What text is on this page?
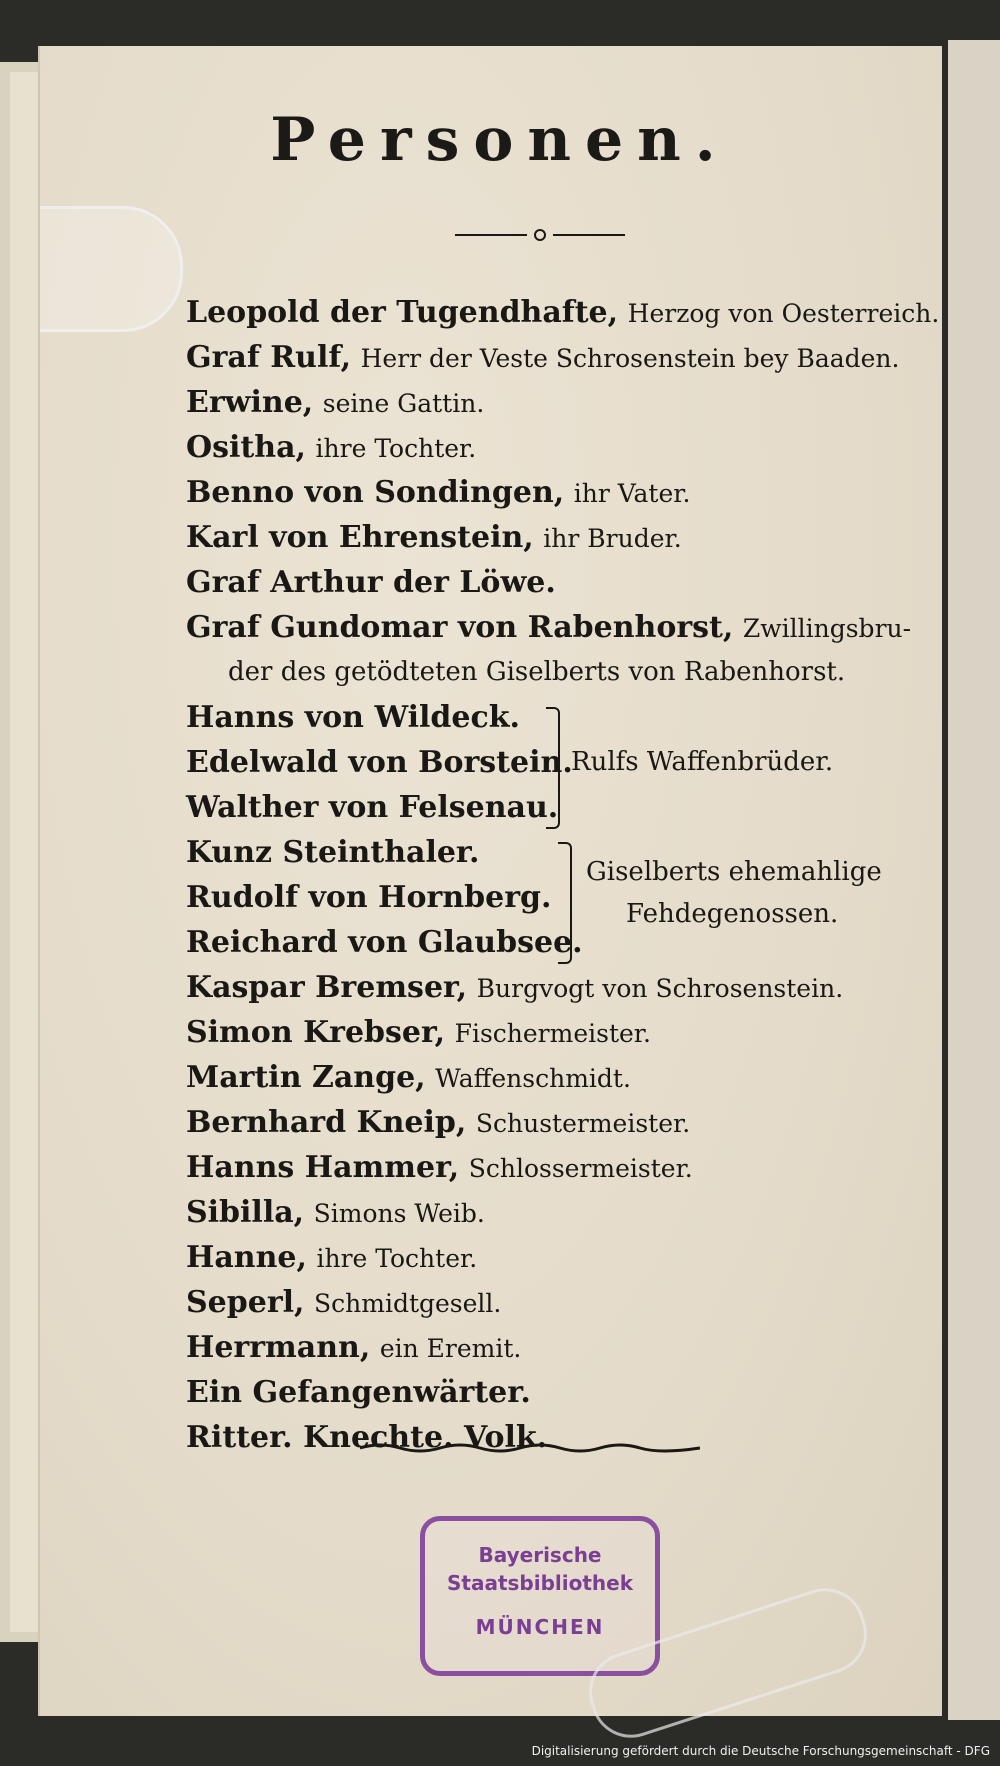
Personen.
Leopold der Tugendhafte, Herzog von Oesterreich.
Graf Rulf, Herr der Veste Schrosenstein bey Baaden.
Erwine, seine Gattin.
Ositha, ihre Tochter.
Benno von Sondingen, ihr Vater.
Karl von Ehrenstein, ihr Bruder.
Graf Arthur der Löwe.
Graf Gundomar von Rabenhorst, Zwillingsbru-
der des getödteten Giselberts von Rabenhorst.
Hanns von Wildeck.
Edelwald von Borstein.
Walther von Felsenau.
Rulfs Waffenbrüder.
Kunz Steinthaler.
Rudolf von Hornberg.
Reichard von Glaubsee.
Giselberts ehemahlige
Fehdegenossen.
Kaspar Bremser, Burgvogt von Schrosenstein.
Simon Krebser, Fischermeister.
Martin Zange, Waffenschmidt.
Bernhard Kneip, Schustermeister.
Hanns Hammer, Schlossermeister.
Sibilla, Simons Weib.
Hanne, ihre Tochter.
Seperl, Schmidtgesell.
Herrmann, ein Eremit.
Ein Gefangenwärter.
Ritter. Knechte. Volk.
Bayerische
Staatsbibliothek
MÜNCHEN
Digitalisierung gefördert durch die Deutsche Forschungsgemeinschaft - DFG
